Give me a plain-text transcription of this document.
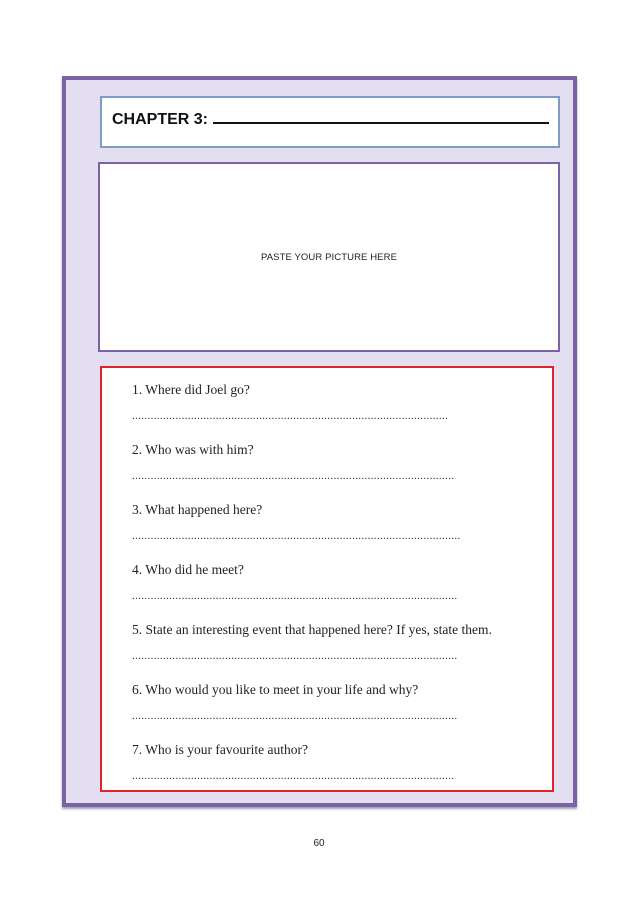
CHAPTER 3:
PASTE YOUR PICTURE HERE
1. Where did Joel go?
......................................................................................................
2. Who was with him?
........................................................................................................
3. What happened here?
..........................................................................................................
4. Who did he meet?
.........................................................................................................
5. State an interesting event that happened here? If yes, state them.
.........................................................................................................
6. Who would you like to meet in your life and why?
.........................................................................................................
7. Who is your favourite author?
........................................................................................................
60
